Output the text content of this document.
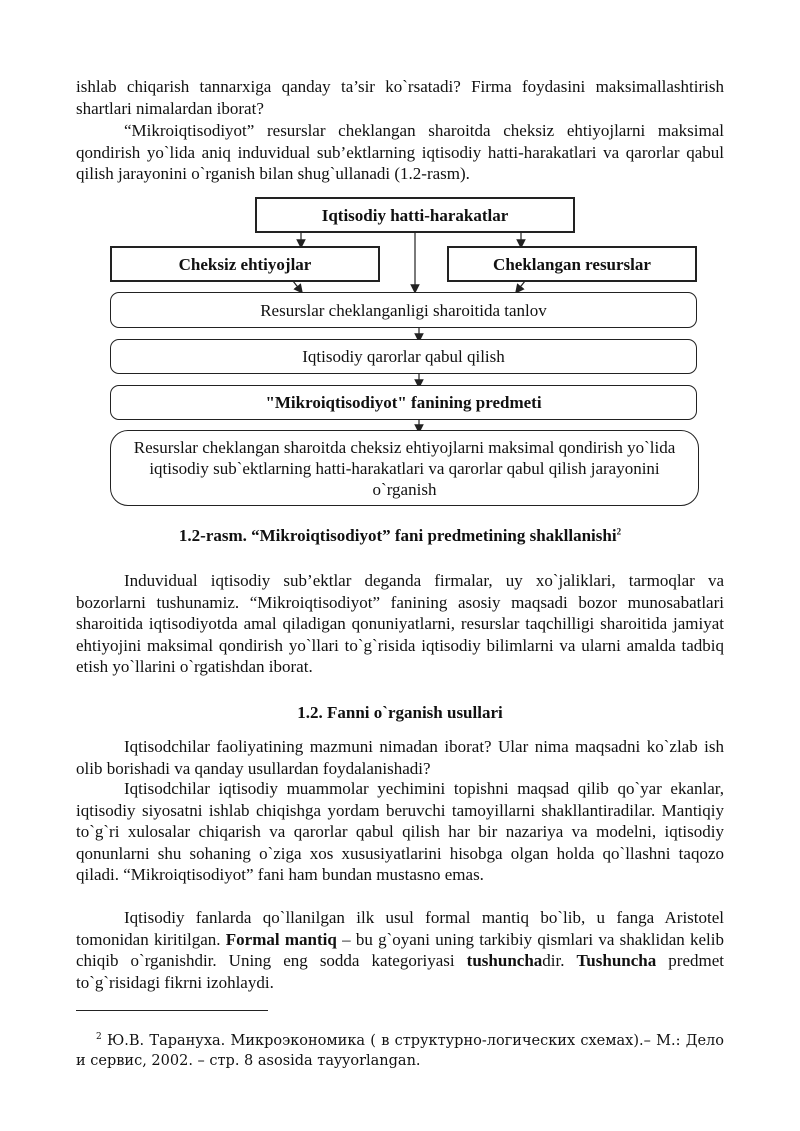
ishlab chiqarish tannarxiga qanday ta’sir ko`rsatadi? Firma foydasini maksimallashtirish shartlari nimalardan iborat?

“Mikroiqtisodiyot” resurslar cheklangan sharoitda cheksiz ehtiyojlarni maksimal qondirish yo`lida aniq induvidual sub’ektlarning iqtisodiy hatti-harakatlari va qarorlar qabul qilish jarayonini o`rganish bilan shug`ullanadi (1.2-rasm).

Iqtisodiy hatti-harakatlar
Cheksiz ehtiyojlar	Cheklangan resurslar
Resurslar cheklanganligi sharoitida tanlov
Iqtisodiy qarorlar qabul qilish
"Mikroiqtisodiyot" fanining predmeti
Resurslar cheklangan sharoitda cheksiz ehtiyojlarni maksimal qondirish yo`lida iqtisodiy sub`ektlarning hatti-harakatlari va qarorlar qabul qilish jarayonini o`rganish
1.2-rasm. “Mikroiqtisodiyot” fani predmetining shakllanishi$^2$

Induvidual iqtisodiy sub’ektlar deganda firmalar, uy xo`jaliklari, tarmoqlar va bozorlarni tushunamiz. “Mikroiqtisodiyot” fanining asosiy maqsadi bozor munosabatlari sharoitida iqtisodiyotda amal qiladigan qonuniyatlarni, resurslar taqchilligi sharoitida jamiyat ehtiyojini maksimal qondirish yo`llari to`g`risida iqtisodiy bilimlarni va ularni amalda tadbiq etish yo`llarini o`rgatishdan iborat.

1.2. Fanni o`rganish usullari

Iqtisodchilar faoliyatining mazmuni nimadan iborat? Ular nima maqsadni ko`zlab ish olib borishadi va qanday usullardan foydalanishadi?

Iqtisodchilar iqtisodiy muammolar yechimini topishni maqsad qilib qo`yar ekanlar, iqtisodiy siyosatni ishlab chiqishga yordam beruvchi tamoyillarni shakllantiradilar. Mantiqiy to`g`ri xulosalar chiqarish va qarorlar qabul qilish har bir nazariya va modelni, iqtisodiy qonunlarni shu sohaning o`ziga xos xususiyatlarini hisobga olgan holda qo`llashni taqozo qiladi. “Mikroiqtisodiyot” fani ham bundan mustasno emas.

Iqtisodiy fanlarda qo`llanilgan ilk usul formal mantiq bo`lib, u fanga Aristotel tomonidan kiritilgan. Formal mantiq – bu g`oyani uning tarkibiy qismlari va shaklidan kelib chiqib o`rganishdir. Uning eng sodda kategoriyasi tushunchadir. Tushuncha predmet to`g`risidagi fikrni izohlaydi.

$^2$ Ю.В. Тарануха. Микроэкономика ( в структурно-логических схемах).– М.: Дело и сервис, 2002. – стр. 8 asosida тayyorlangan.
